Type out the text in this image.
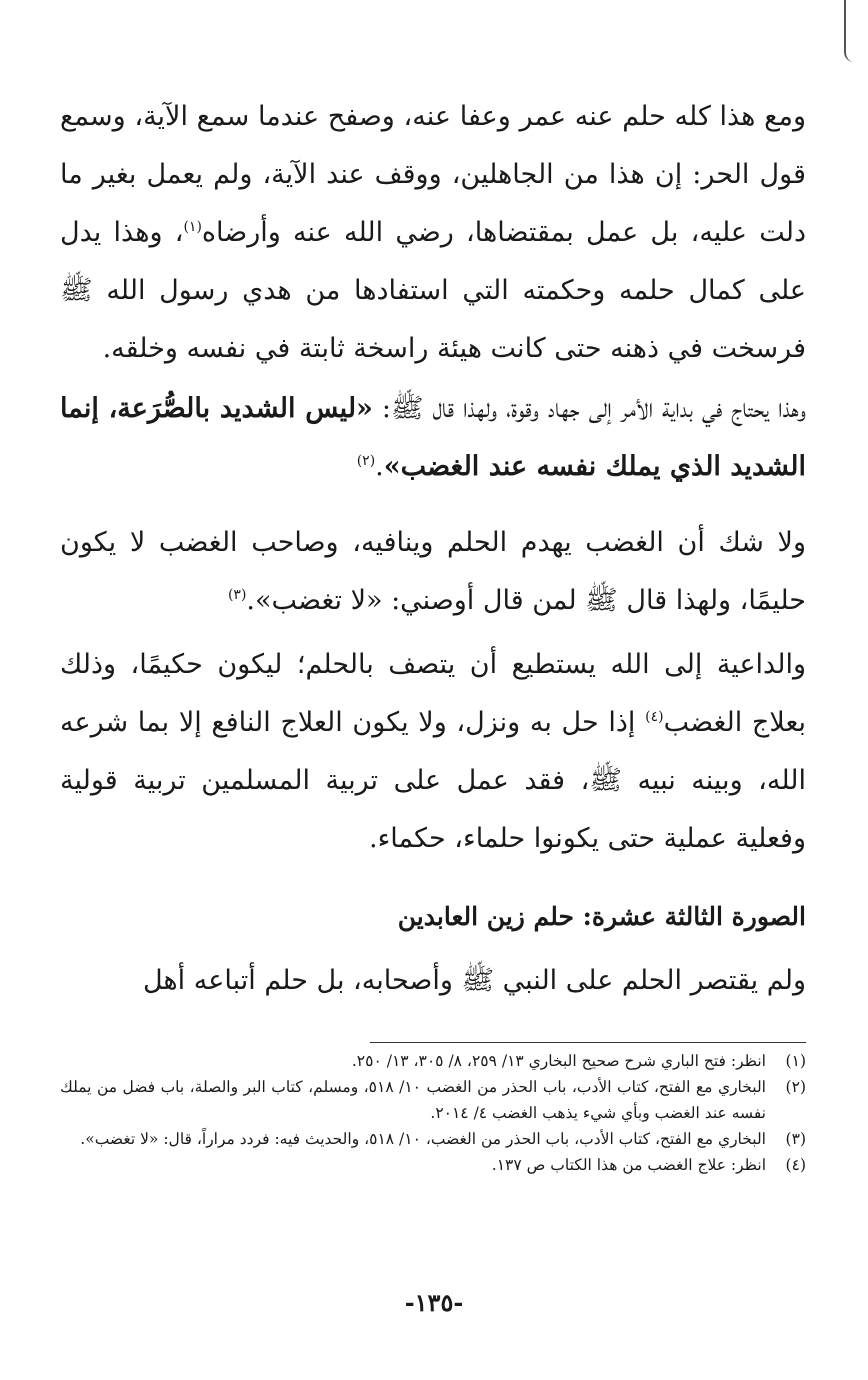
ومع هذا كله حلم عنه عمر وعفا عنه، وصفح عندما سمع الآية، وسمع قول الحر: إن هذا من الجاهلين، ووقف عند الآية، ولم يعمل بغير ما دلت عليه، بل عمل بمقتضاها، رضي الله عنه وأرضاه$^{(١)}$، وهذا يدل على كمال حلمه وحكمته التي استفادها من هدي رسول الله ﷺ فرسخت في ذهنه حتى كانت هيئة راسخة ثابتة في نفسه وخلقه.

وهذا يحتاج في بداية الأمر إلى جهاد وقوة، ولهذا قال ﷺ: «ليس الشديد بالصُّرَعة، إنما الشديد الذي يملك نفسه عند الغضب».$^{(٢)}$

ولا شك أن الغضب يهدم الحلم وينافيه، وصاحب الغضب لا يكون حليمًا، ولهذا قال ﷺ لمن قال أوصني: «لا تغضب».$^{(٣)}$

والداعية إلى الله يستطيع أن يتصف بالحلم؛ ليكون حكيمًا، وذلك بعلاج الغضب$^{(٤)}$ إذا حل به ونزل، ولا يكون العلاج النافع إلا بما شرعه الله، وبينه نبيه ﷺ، فقد عمل على تربية المسلمين تربية قولية وفعلية عملية حتى يكونوا حلماء، حكماء.

الصورة الثالثة عشرة: حلم زين العابدين

ولم يقتصر الحلم على النبي ﷺ وأصحابه، بل حلم أتباعه أهل

(١)
انظر: فتح الباري شرح صحيح البخاري ١٣/ ٢٥٩، ٨/ ٣٠٥، ١٣/ ٢٥٠.
(٢)
البخاري مع الفتح، كتاب الأدب، باب الحذر من الغضب ١٠/ ٥١٨، ومسلم، كتاب البر والصلة، باب فضل من يملك نفسه عند الغضب وبأي شيء يذهب الغضب ٤/ ٢٠١٤.
(٣)
البخاري مع الفتح، كتاب الأدب، باب الحذر من الغضب، ١٠/ ٥١٨، والحديث فيه: فردد مراراً، قال: «لا تغضب».
(٤)
انظر: علاج الغضب من هذا الكتاب ص ١٣٧.
-١٣٥-
